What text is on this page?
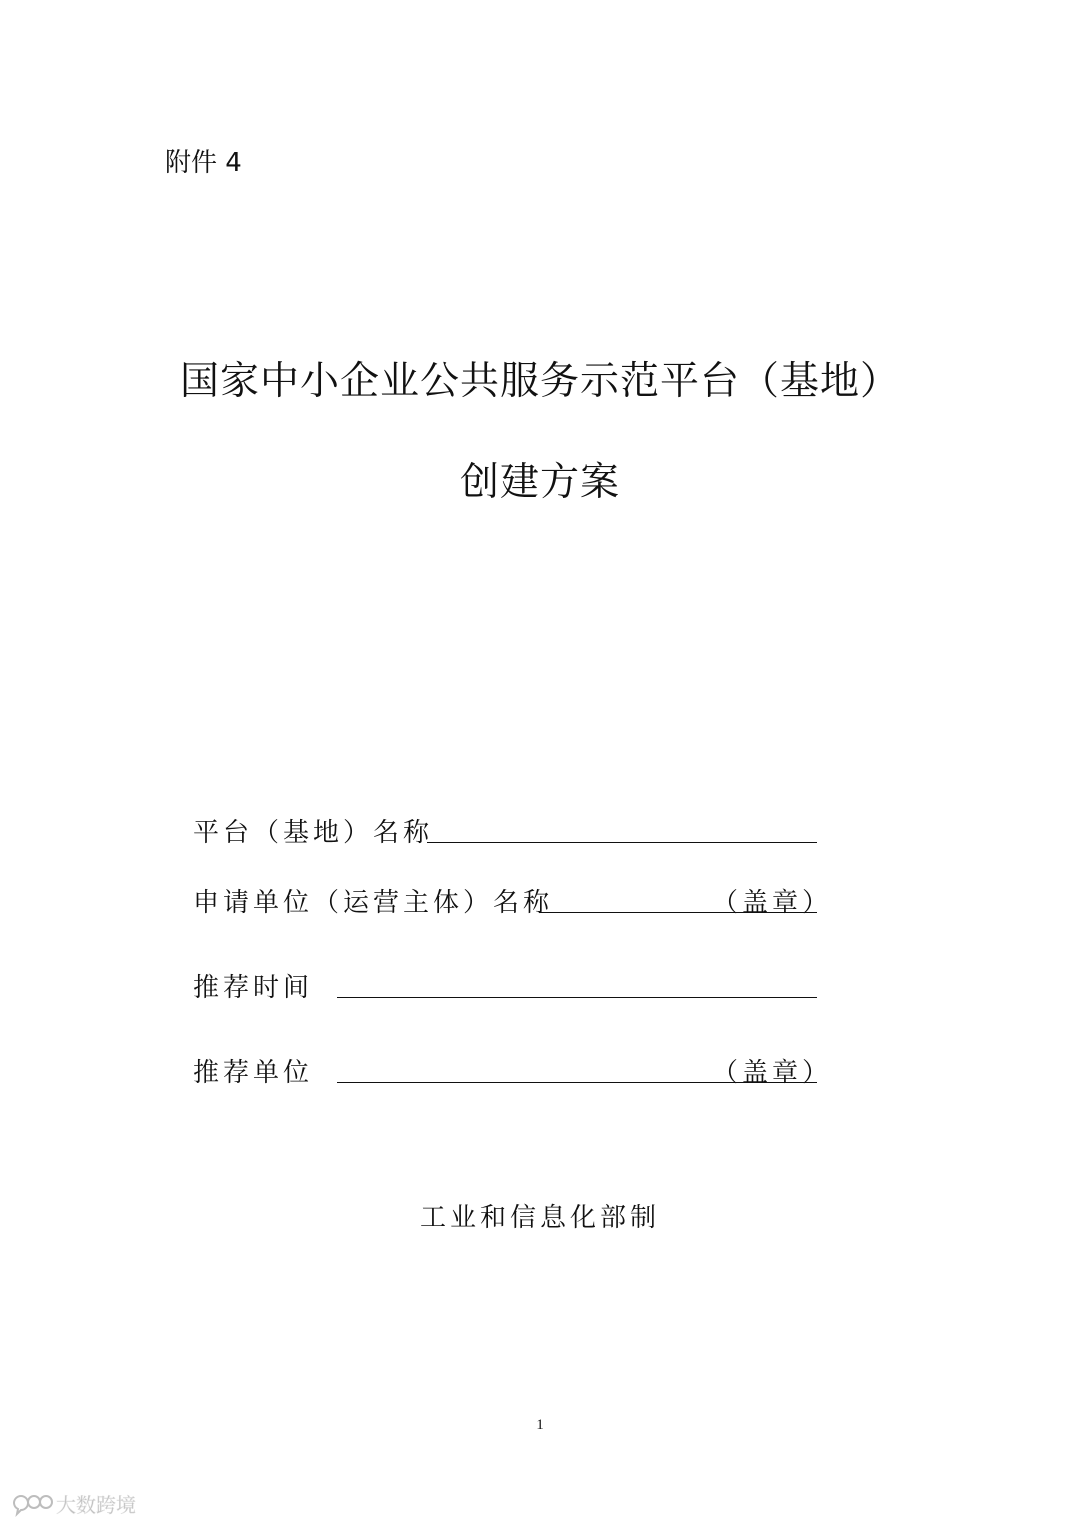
附件 4
国家中小企业公共服务示范平台（基地）
创建方案
平台（基地）名称
申请单位（运营主体）名称	（盖章）
推荐时间
推荐单位	（盖章）
工业和信息化部制
1
大数跨境
